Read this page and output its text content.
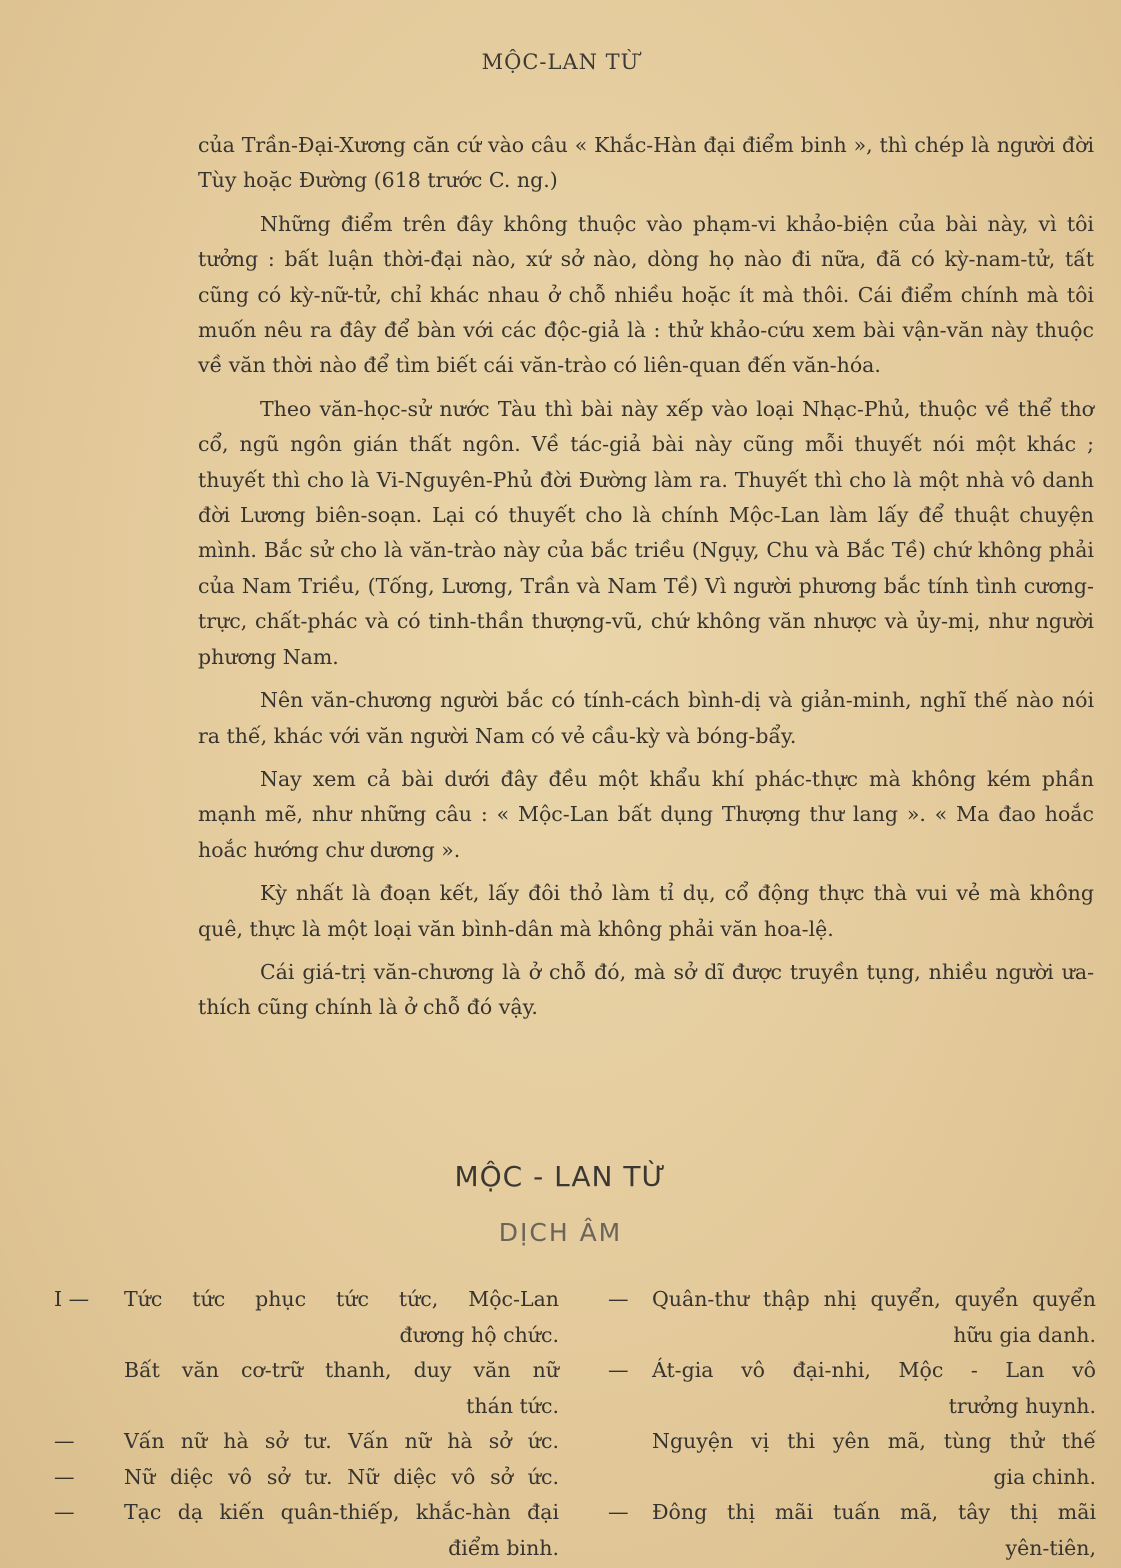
MỘC-LAN TỪ

của Trần-Đại-Xương căn cứ vào câu « Khắc-Hàn đại điểm binh », thì chép là người đời Tùy hoặc Đường (618 trước C. ng.)

Những điểm trên đây không thuộc vào phạm-vi khảo-biện của bài này, vì tôi tưởng : bất luận thời-đại nào, xứ sở nào, dòng họ nào đi nữa, đã có kỳ-nam-tử, tất cũng có kỳ-nữ-tử, chỉ khác nhau ở chỗ nhiều hoặc ít mà thôi. Cái điểm chính mà tôi muốn nêu ra đây để bàn với các độc-giả là : thử khảo-cứu xem bài vận-văn này thuộc về văn thời nào để tìm biết cái văn-trào có liên-quan đến văn-hóa.

Theo văn-học-sử nước Tàu thì bài này xếp vào loại Nhạc-Phủ, thuộc về thể thơ cổ, ngũ ngôn gián thất ngôn. Về tác-giả bài này cũng mỗi thuyết nói một khác ; thuyết thì cho là Vi-Nguyên-Phủ đời Đường làm ra. Thuyết thì cho là một nhà vô danh đời Lương biên-soạn. Lại có thuyết cho là chính Mộc-Lan làm lấy để thuật chuyện mình. Bắc sử cho là văn-trào này của bắc triều (Ngụy, Chu và Bắc Tề) chứ không phải của Nam Triều, (Tống, Lương, Trần và Nam Tề) Vì người phương bắc tính tình cương-trực, chất-phác và có tinh-thần thượng-vũ, chứ không văn nhược và ủy-mị, như người phương Nam.

Nên văn-chương người bắc có tính-cách bình-dị và giản-minh, nghĩ thế nào nói ra thế, khác với văn người Nam có vẻ cầu-kỳ và bóng-bẩy.

Nay xem cả bài dưới đây đều một khẩu khí phác-thực mà không kém phần mạnh mẽ, như những câu : « Mộc-Lan bất dụng Thượng thư lang ». « Ma đao hoắc hoắc hướng chư dương ».

Kỳ nhất là đoạn kết, lấy đôi thỏ làm tỉ dụ, cổ động thực thà vui vẻ mà không quê, thực là một loại văn bình-dân mà không phải văn hoa-lệ.

Cái giá-trị văn-chương là ở chỗ đó, mà sở dĩ được truyền tụng, nhiều người ưa-thích cũng chính là ở chỗ đó vậy.

MỘC - LAN TỪ
DỊCH ÂM
I —	Tức tức phục tức tức, Mộc-Lan
đương hộ chức.
Bất văn cơ-trữ thanh, duy văn nữ
thán tức.
—	Vấn nữ hà sở tư. Vấn nữ hà sở ức.
—	Nữ diệc vô sở tư. Nữ diệc vô sở ức.
—	Tạc dạ kiến quân-thiếp, khắc-hàn đại
điểm binh.
—	Quân-thư thập nhị quyển, quyển quyển
hữu gia danh.
—	Át-gia vô đại-nhi, Mộc - Lan vô
trưởng huynh.
Nguyện vị thi yên mã, tùng thử thế
gia chinh.
—	Đông thị mãi tuấn mã, tây thị mãi
yên-tiên,
